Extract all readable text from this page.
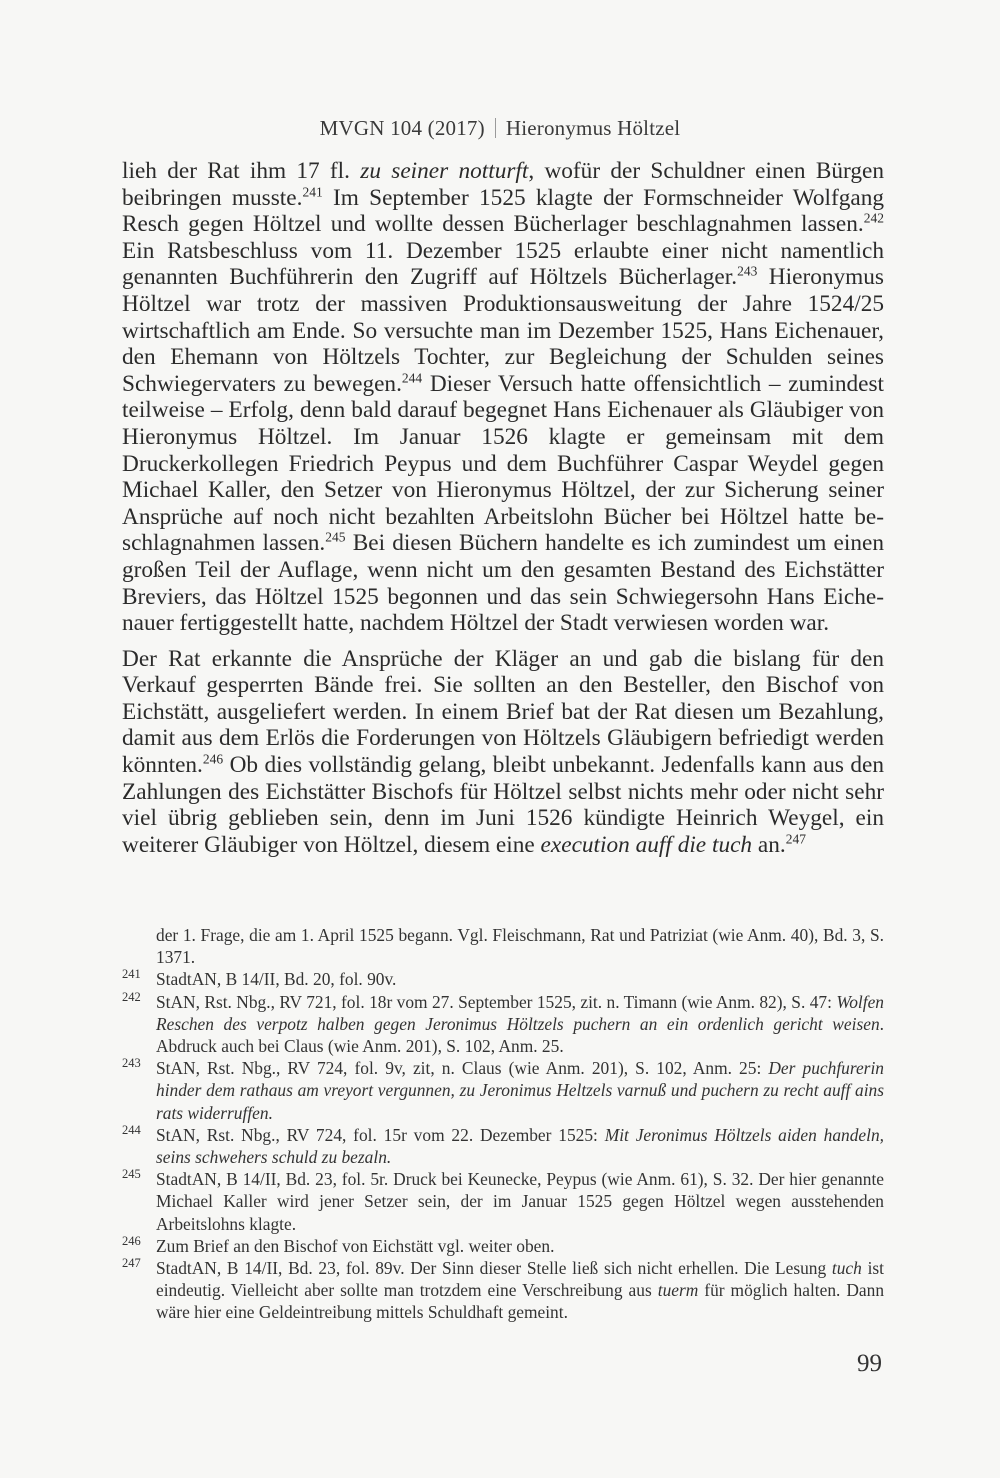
MVGN 104 (2017) Hieronymus Höltzel

lieh der Rat ihm 17 fl. zu seiner notturft, wofür der Schuldner einen Bürgen beibringen musste.$^{241}$ Im September 1525 klagte der Formschneider Wolfgang Resch gegen Höltzel und wollte dessen Bücherlager beschlagnahmen lassen.$^{242}$ Ein Ratsbeschluss vom 11. Dezember 1525 erlaubte einer nicht namentlich genannten Buchführerin den Zugriff auf Höltzels Bücherlager.$^{243}$ Hieronymus Höltzel war trotz der massiven Produktionsausweitung der Jahre 1524/25 wirtschaftlich am Ende. So versuchte man im Dezember 1525, Hans Eichenauer, den Ehemann von Höltzels Tochter, zur Begleichung der Schulden seines Schwiegervaters zu bewegen.$^{244}$ Dieser Versuch hatte offensichtlich – zumindest teilweise – Erfolg, denn bald darauf begegnet Hans Eichenauer als Gläubiger von Hieronymus Höltzel. Im Januar 1526 klagte er gemeinsam mit dem Druckerkollegen Friedrich Peypus und dem Buchführer Caspar Weydel gegen Michael Kaller, den Setzer von Hieronymus Höltzel, der zur Sicherung seiner Ansprüche auf noch nicht bezahlten Arbeitslohn Bücher bei Höltzel hatte beschlagnahmen lassen.$^{245}$ Bei diesen Büchern handelte es ich zumindest um einen großen Teil der Auflage, wenn nicht um den gesamten Bestand des Eichstätter Breviers, das Höltzel 1525 begonnen und das sein Schwiegersohn Hans Eichenauer fertiggestellt hatte, nachdem Höltzel der Stadt verwiesen worden war.

Der Rat erkannte die Ansprüche der Kläger an und gab die bislang für den Verkauf gesperrten Bände frei. Sie sollten an den Besteller, den Bischof von Eichstätt, ausgeliefert werden. In einem Brief bat der Rat diesen um Bezahlung, damit aus dem Erlös die Forderungen von Höltzels Gläubigern befriedigt werden könnten.$^{246}$ Ob dies vollständig gelang, bleibt unbekannt. Jedenfalls kann aus den Zahlungen des Eichstätter Bischofs für Höltzel selbst nichts mehr oder nicht sehr viel übrig geblieben sein, denn im Juni 1526 kündigte Heinrich Weygel, ein weiterer Gläubiger von Höltzel, diesem eine execution auff die tuch an.$^{247}$

der 1. Frage, die am 1. April 1525 begann. Vgl. Fleischmann, Rat und Patriziat (wie Anm. 40), Bd. 3, S. 1371.

241 StadtAN, B 14/II, Bd. 20, fol. 90v.

242 StAN, Rst. Nbg., RV 721, fol. 18r vom 27. September 1525, zit. n. Timann (wie Anm. 82), S. 47: Wolfen Reschen des verpotz halben gegen Jeronimus Höltzels puchern an ein ordenlich gericht weisen. Abdruck auch bei Claus (wie Anm. 201), S. 102, Anm. 25.

243 StAN, Rst. Nbg., RV 724, fol. 9v, zit, n. Claus (wie Anm. 201), S. 102, Anm. 25: Der puchfurerin hinder dem rathaus am vreyort vergunnen, zu Jeronimus Heltzels varnuß und puchern zu recht auff ains rats widerruffen.

244 StAN, Rst. Nbg., RV 724, fol. 15r vom 22. Dezember 1525: Mit Jeronimus Höltzels aiden handeln, seins schwehers schuld zu bezaln.

245 StadtAN, B 14/II, Bd. 23, fol. 5r. Druck bei Keunecke, Peypus (wie Anm. 61), S. 32. Der hier genannte Michael Kaller wird jener Setzer sein, der im Januar 1525 gegen Höltzel wegen ausstehenden Arbeitslohns klagte.

246 Zum Brief an den Bischof von Eichstätt vgl. weiter oben.

247 StadtAN, B 14/II, Bd. 23, fol. 89v. Der Sinn dieser Stelle ließ sich nicht erhellen. Die Lesung tuch ist eindeutig. Vielleicht aber sollte man trotzdem eine Verschreibung aus tuerm für möglich halten. Dann wäre hier eine Geldeintreibung mittels Schuldhaft gemeint.

99
